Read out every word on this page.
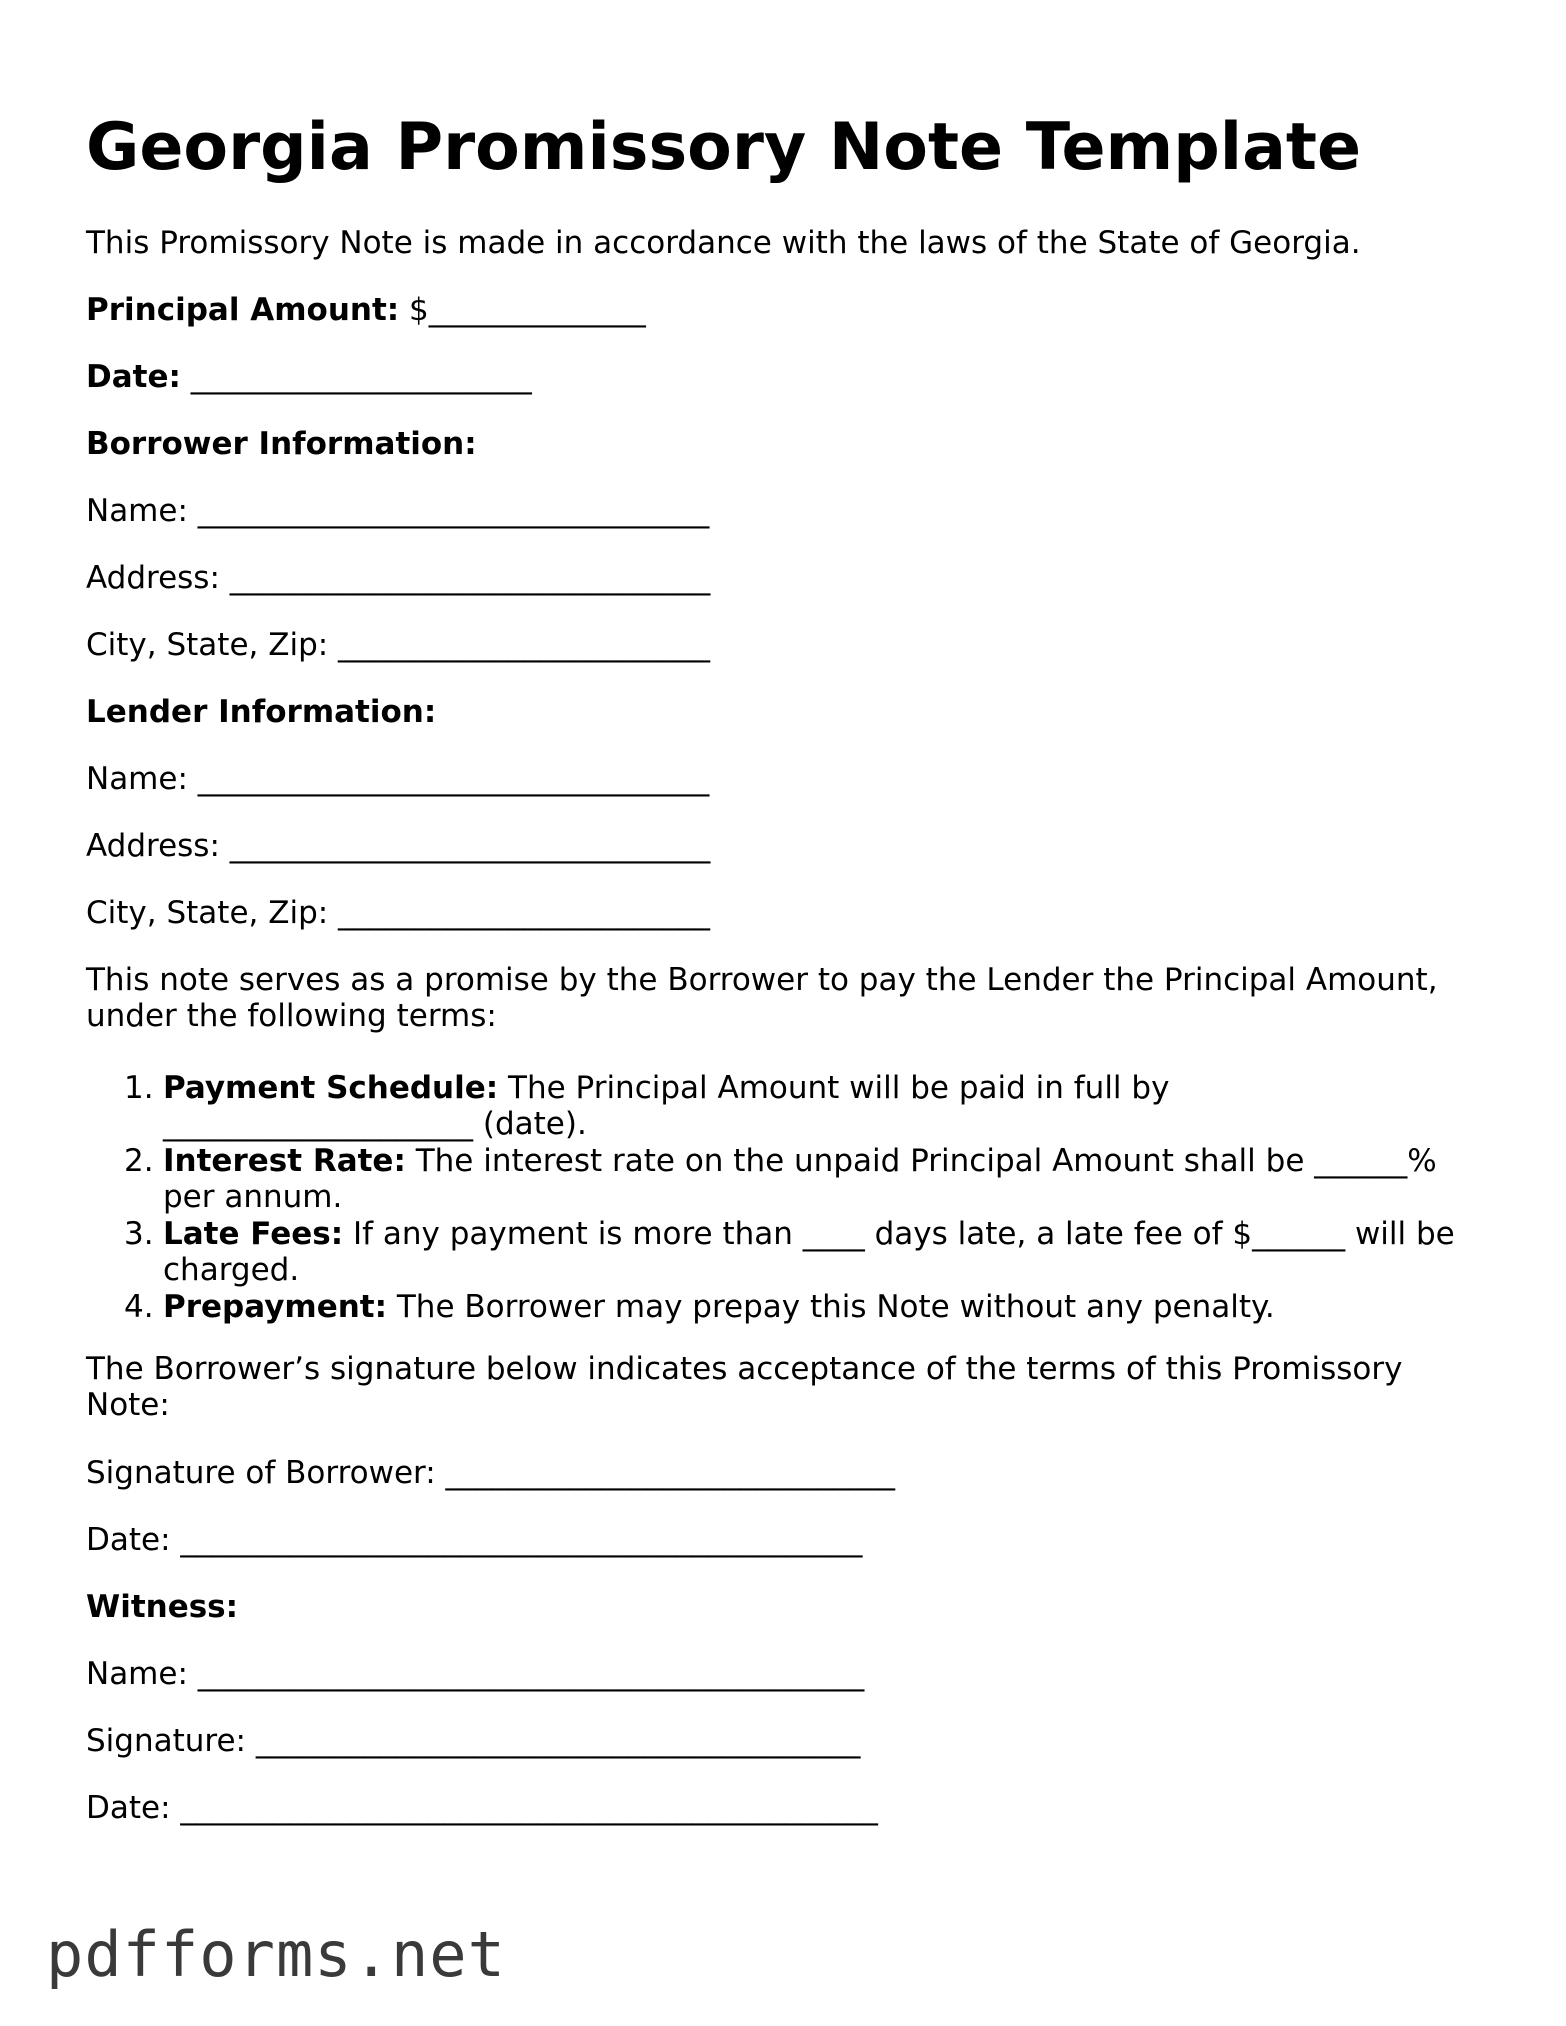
Georgia Promissory Note Template
This Promissory Note is made in accordance with the laws of the State of Georgia.
Principal Amount: $______________
Date: ______________________
Borrower Information:
Name: _________________________________
Address: _______________________________
City, State, Zip: ________________________
Lender Information:
Name: _________________________________
Address: _______________________________
City, State, Zip: ________________________
This note serves as a promise by the Borrower to pay the Lender the Principal Amount, under the following terms:
1. Payment Schedule: The Principal Amount will be paid in full by ____________________ (date).
2. Interest Rate: The interest rate on the unpaid Principal Amount shall be ______% per annum.
3. Late Fees: If any payment is more than ____ days late, a late fee of $______ will be charged.
4. Prepayment: The Borrower may prepay this Note without any penalty.
The Borrower’s signature below indicates acceptance of the terms of this Promissory Note:
Signature of Borrower: _____________________________
Date: ____________________________________________
Witness:
Name: ___________________________________________
Signature: _______________________________________
Date: _____________________________________________
pdfforms.net
